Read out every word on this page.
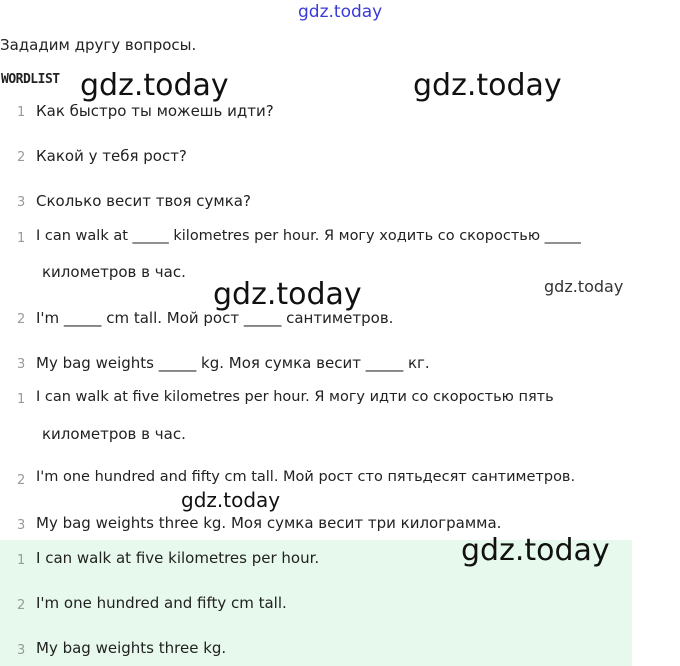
gdz.today
Зададим другу вопросы.
WORDLIST
1 Как быстро ты можешь идти?
2 Какой у тебя рост?
3 Сколько весит твоя сумка?
1 I can walk at _____ kilometres per hour. Я могу ходить со скоростью _____
километров в час.
2 I'm _____ cm tall. Мой рост _____ сантиметров.
3 My bag weights _____ kg. Моя сумка весит _____ кг.
1 I can walk at five kilometres per hour. Я могу идти со скоростью пять
километров в час.
2 I'm one hundred and fifty cm tall. Мой рост сто пятьдесят сантиметров.
3 My bag weights three kg. Моя сумка весит три килограмма.
1 I can walk at five kilometres per hour.
2 I'm one hundred and fifty cm tall.
3 My bag weights three kg.
gdz.today	gdz.today
gdz.today	gdz.today
gdz.today
gdz.today
